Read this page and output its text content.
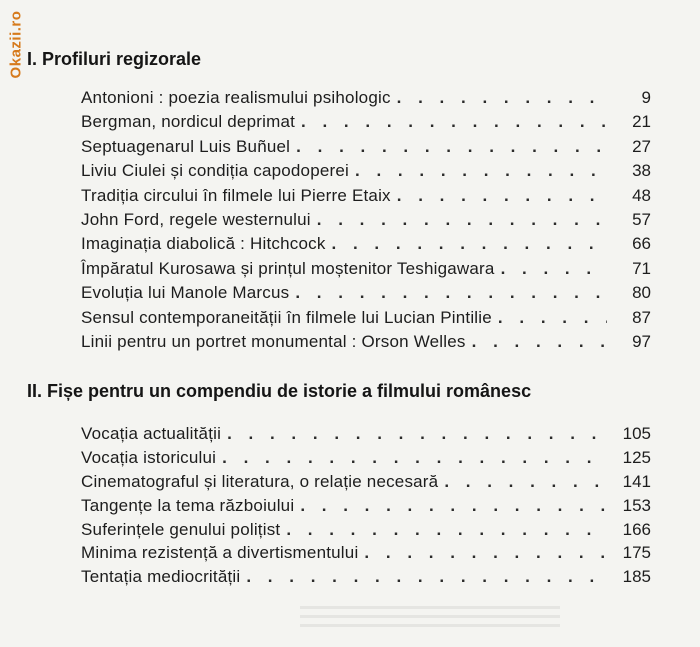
Okazii.ro I. Profiluri regizorale
Antonioni : poezia realismului psihologic . . .	9
Bergman, nordicul deprimat . . .	21
Septuagenarul Luis Buñuel . . .	27
Liviu Ciulei și condiția capodoperei . . .	38
Tradiția circului în filmele lui Pierre Etaix . . .	48
John Ford, regele westernului . . .	57
Imaginația diabolică : Hitchcock . . .	66
Împăratul Kurosawa și prințul moștenitor Teshigawara . . .	71
Evoluția lui Manole Marcus . . .	80
Sensul contemporaneității în filmele lui Lucian Pintilie . . .	87
Linii pentru un portret monumental : Orson Welles . . .	97
II. Fișe pentru un compendiu de istorie a filmului românesc
Vocația actualității . . .	105
Vocația istoricului . . .	125
Cinematograful și literatura, o relație necesară . . .	141
Tangențe la tema războiului . . .	153
Suferințele genului polițist . . .	166
Minima rezistență a divertismentului . . .	175
Tentația mediocrității . . .	185
